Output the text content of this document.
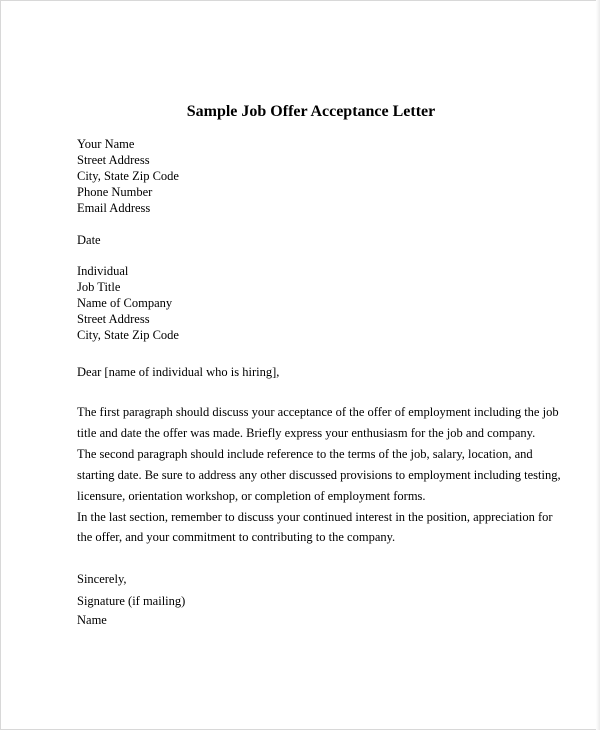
Sample Job Offer Acceptance Letter
Your Name
Street Address
City, State Zip Code
Phone Number
Email Address
Date
Individual
Job Title
Name of Company
Street Address
City, State Zip Code
Dear [name of individual who is hiring],
The first paragraph should discuss your acceptance of the offer of employment including the job
title and date the offer was made. Briefly express your enthusiasm for the job and company.
The second paragraph should include reference to the terms of the job, salary, location, and
starting date. Be sure to address any other discussed provisions to employment including testing,
licensure, orientation workshop, or completion of employment forms.
In the last section, remember to discuss your continued interest in the position, appreciation for
the offer, and your commitment to contributing to the company.
Sincerely,
Signature (if mailing)
Name
